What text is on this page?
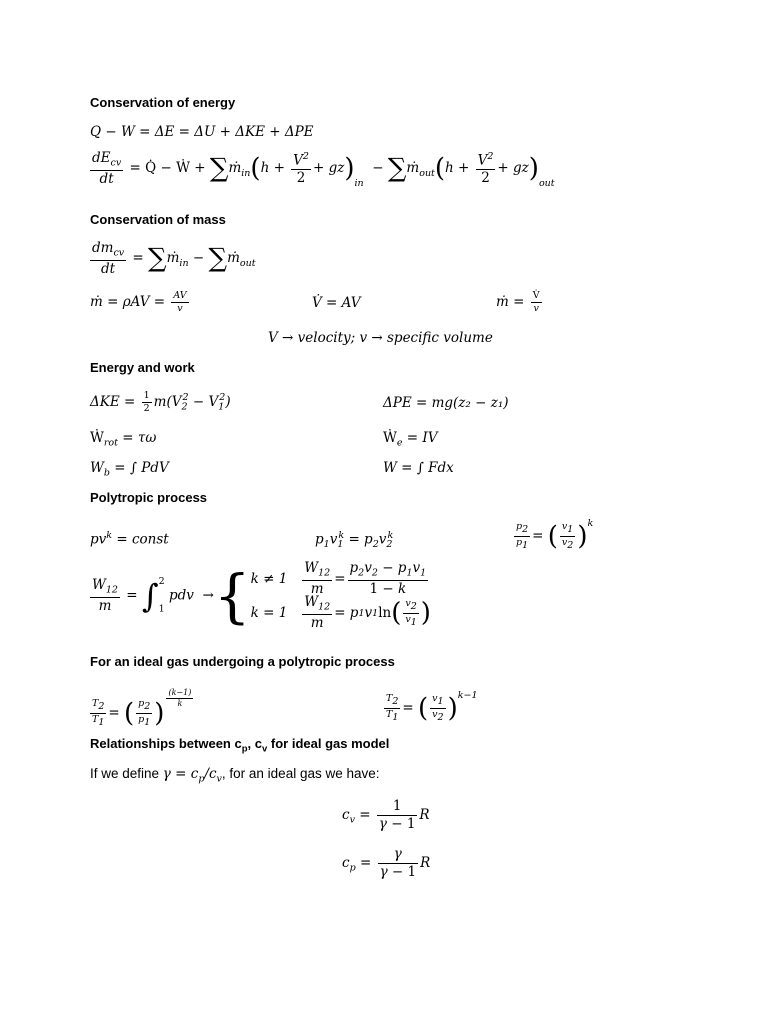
Conservation of energy
Q − W = ΔE = ΔU + ΔKE + ΔPE
$\frac{dE_{cv}}{dt}$ = Q̇ − Ẇ + ∑ṁ$_{in}$(h + $\frac{V^2}{2} + gz)_{in}$  − ∑ṁ$_{out}$(h + $\frac{V^2}{2} + gz)_{out}$
Conservation of mass
$\frac{dm_{cv}}{dt}$ = ∑ṁ$_{in}$ − ∑ṁ$_{out}$
ṁ = $\rho AV = \frac{AV}{v}$	V̇ = AV	ṁ = $\frac{V̇}{v}$
V → velocity; v → specific volume
Energy and work
$\Delta KE = \frac{1}{2} m(V_2^2 - V_1^2)$	ΔPE = mg(z₂ − z₁)
Ẇ$_{rot}$ = τω	Ẇ$_e$ = IV
$W_b$ = ∫ PdV	W = ∫ Fdx
Polytropic process
$pv^k$ = const	$p_1v_1^k = p_2v_2^k$	$\frac{p_2}{p_1}$ = ( $\frac{v_1}{v_2} )^k$
$\frac{W_{12}}{m} = \int_1^2$ pdv  →{ $k \ne 1 \frac{W_{12}}{m} = \frac{p_2v_2 - p_1v_1}{1 - k}$
$k = 1 \frac{W_{12}}{m} = p$ 1 v 1 ln ( $\frac{v_2}{v_1}$ )
For an ideal gas undergoing a polytropic process
$\frac{T_2}{T_1}$ = ( $\frac{p_2}{p_1}$ ) $^{\frac{(k-1)}{k}}$	$\frac{T_2}{T_1}$ = ( $\frac{v_1}{v_2} )^{k-1}$
Relationships between $c_p$, $c_v$ for ideal gas model
If we define $\gamma = c_p/c_v$, for an ideal gas we have:
$c_v = \frac{1}{\gamma - 1}$ R
$c_p = \frac{\gamma}{\gamma - 1}$ R
